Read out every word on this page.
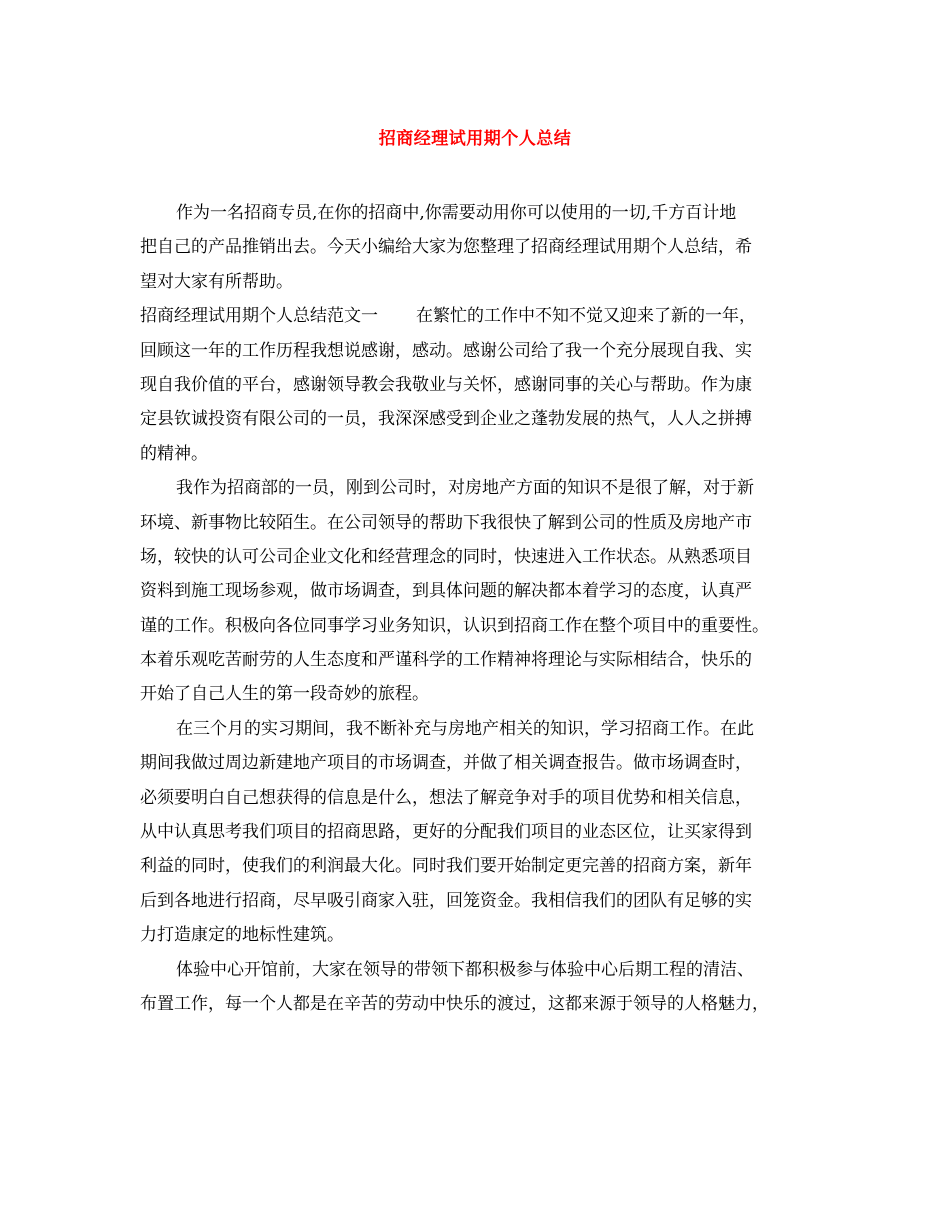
招商经理试用期个人总结
作为一名招商专员,在你的招商中,你需要动用你可以使用的一切,千方百计地
把自己的产品推销出去。今天小编给大家为您整理了招商经理试用期个人总结，希
望对大家有所帮助。
招商经理试用期个人总结范文一 在繁忙的工作中不知不觉又迎来了新的一年，
回顾这一年的工作历程我想说感谢，感动。感谢公司给了我一个充分展现自我、实
现自我价值的平台，感谢领导教会我敬业与关怀，感谢同事的关心与帮助。作为康
定县钦诚投资有限公司的一员，我深深感受到企业之蓬勃发展的热气，人人之拼搏
的精神。
我作为招商部的一员，刚到公司时，对房地产方面的知识不是很了解，对于新
环境、新事物比较陌生。在公司领导的帮助下我很快了解到公司的性质及房地产市
场，较快的认可公司企业文化和经营理念的同时，快速进入工作状态。从熟悉项目
资料到施工现场参观，做市场调查，到具体问题的解决都本着学习的态度，认真严
谨的工作。积极向各位同事学习业务知识，认识到招商工作在整个项目中的重要性。
本着乐观吃苦耐劳的人生态度和严谨科学的工作精神将理论与实际相结合，快乐的
开始了自己人生的第一段奇妙的旅程。
在三个月的实习期间，我不断补充与房地产相关的知识，学习招商工作。在此
期间我做过周边新建地产项目的市场调查，并做了相关调查报告。做市场调查时，
必须要明白自己想获得的信息是什么，想法了解竞争对手的项目优势和相关信息，
从中认真思考我们项目的招商思路，更好的分配我们项目的业态区位，让买家得到
利益的同时，使我们的利润最大化。同时我们要开始制定更完善的招商方案，新年
后到各地进行招商，尽早吸引商家入驻，回笼资金。我相信我们的团队有足够的实
力打造康定的地标性建筑。
体验中心开馆前，大家在领导的带领下都积极参与体验中心后期工程的清洁、
布置工作，每一个人都是在辛苦的劳动中快乐的渡过，这都来源于领导的人格魅力，
